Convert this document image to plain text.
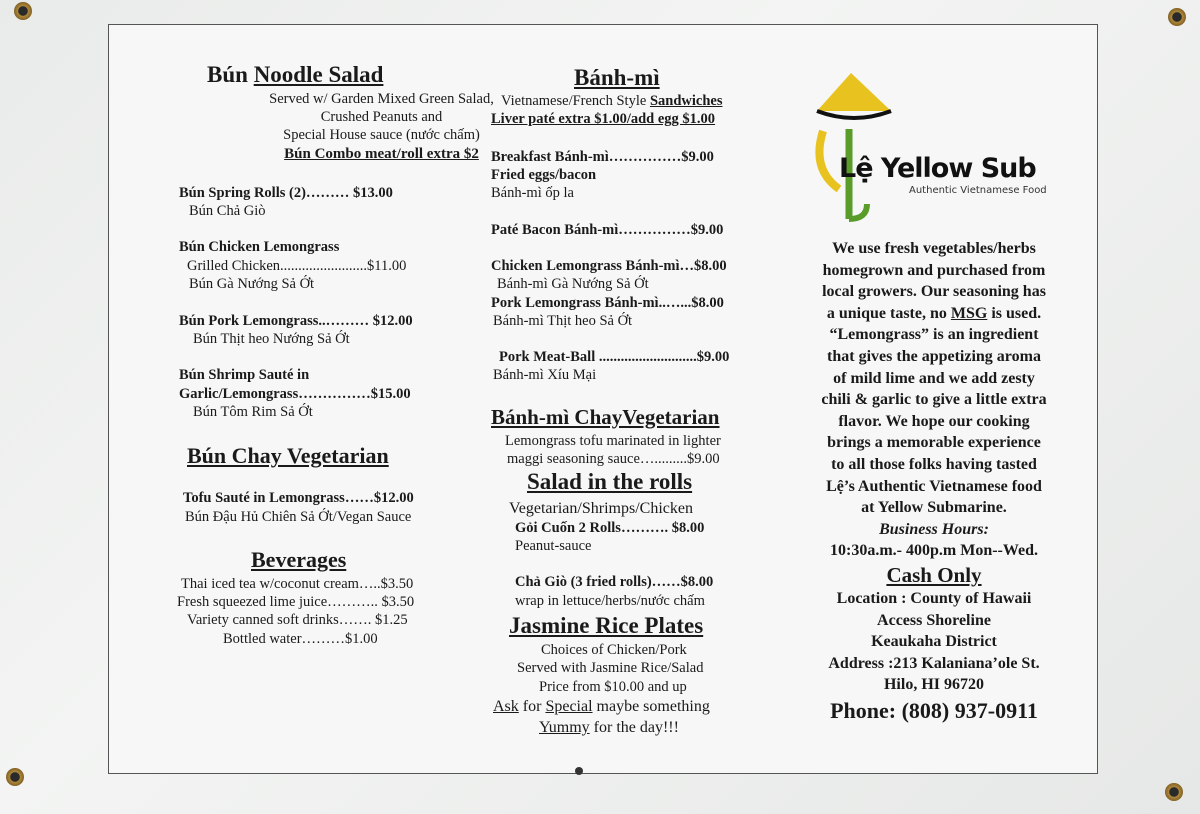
Bún Noodle Salad
Served w/ Garden Mixed Green Salad,
Crushed Peanuts and
Special House sauce (nước chấm)
Bún Combo meat/roll extra $2
Bún Spring Rolls (2)……… $13.00
Bún Chả Giò
Bún Chicken Lemongrass
Grilled Chicken........................$11.00
Bún Gà Nướng Sả Ớt
Bún Pork Lemongrass..……… $12.00
Bún Thịt heo Nướng Sả Ớt
Bún Shrimp Sauté in
Garlic/Lemongrass……………$15.00
Bún Tôm Rim Sả Ớt
Bún Chay Vegetarian
Tofu Sauté in Lemongrass……$12.00
Bún Đậu Hủ Chiên Sả Ớt/Vegan Sauce
Beverages
Thai iced tea w/coconut cream…..$3.50
Fresh squeezed lime juice……….. $3.50
Variety canned soft drinks……. $1.25
Bottled water………$1.00
Bánh-mì
Vietnamese/French Style Sandwiches
Liver paté extra $1.00/add egg $1.00
Breakfast Bánh-mì……………$9.00
Fried eggs/bacon
Bánh-mì ốp la
Paté Bacon Bánh-mì……………$9.00
Chicken Lemongrass Bánh-mì…$8.00
Bánh-mì Gà Nướng Sả Ớt
Pork Lemongrass Bánh-mì..…...$8.00
Bánh-mì Thịt heo Sả Ớt
Pork Meat-Ball ...........................$9.00
Bánh-mì Xíu Mại
Bánh-mì ChayVegetarian
Lemongrass tofu marinated in lighter
maggi seasoning sauce….........$9.00
Salad in the rolls
Vegetarian/Shrimps/Chicken
Gỏi Cuốn 2 Rolls………. $8.00
Peanut-sauce
Chả Giò (3 fried rolls)……$8.00
wrap in lettuce/herbs/nước chấm
Jasmine Rice Plates
Choices of Chicken/Pork
Served with Jasmine Rice/Salad
Price from $10.00 and up
Ask for Special maybe something
Yummy for the day!!!
Lệ Yellow Sub
Authentic Vietnamese Food
We use fresh vegetables/herbs
homegrown and purchased from
local growers. Our seasoning has
a unique taste, no MSG is used.
“Lemongrass” is an ingredient
that gives the appetizing aroma
of mild lime and we add zesty
chili & garlic to give a little extra
flavor. We hope our cooking
brings a memorable experience
to all those folks having tasted
Lệ’s Authentic Vietnamese food
at Yellow Submarine.
Business Hours:
10:30a.m.- 400p.m Mon--Wed.
Cash Only
Location : County of Hawaii
Access Shoreline
Keaukaha District
Address :213 Kalaniana’ole St.
Hilo, HI 96720
Phone: (808) 937-0911
